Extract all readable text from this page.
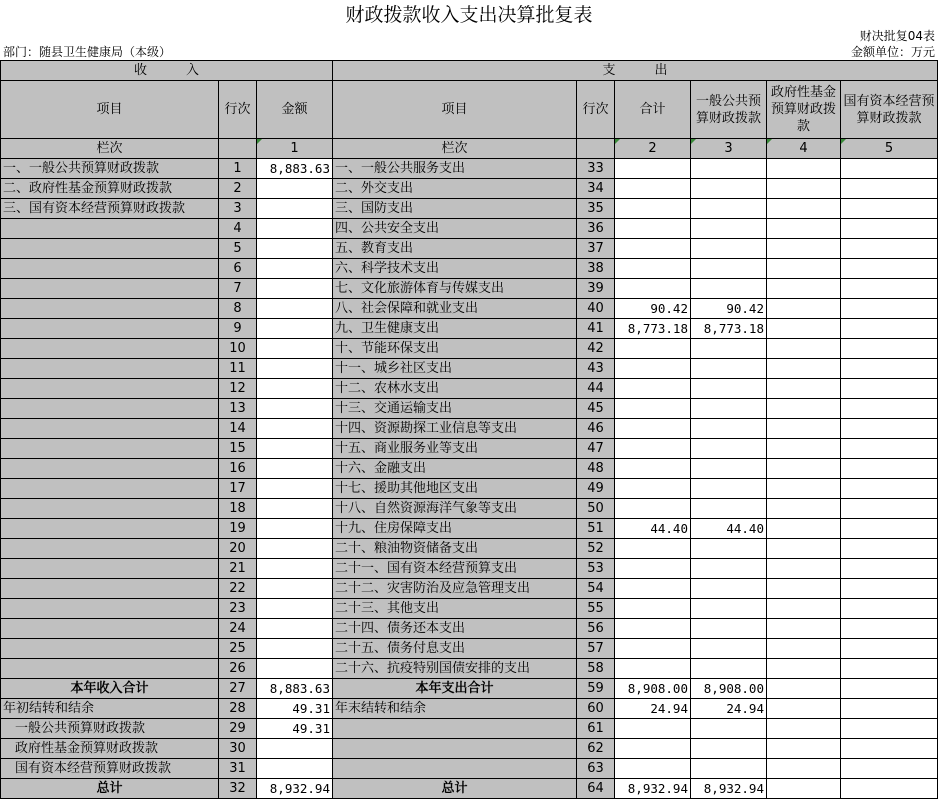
财政拨款收入支出决算批复表
财决批复04表
部门：随县卫生健康局（本级）	金额单位：万元
收　　　入			支　　　出					
项目	行次	金额	项目	行次	合计	一般公共预算财政拨款	政府性基金预算财政拨款	国有资本经营预算财政拨款
栏次		1	栏次		2	3	4	5
一、一般公共预算财政拨款	1	8,883.63	一、一般公共服务支出	33				
二、政府性基金预算财政拨款	2		二、外交支出	34				
三、国有资本经营预算财政拨款	3		三、国防支出	35				
	4		四、公共安全支出	36				
	5		五、教育支出	37				
	6		六、科学技术支出	38				
	7		七、文化旅游体育与传媒支出	39				
	8		八、社会保障和就业支出	40	90.42	90.42		
	9		九、卫生健康支出	41	8,773.18	8,773.18		
	10		十、节能环保支出	42				
	11		十一、城乡社区支出	43				
	12		十二、农林水支出	44				
	13		十三、交通运输支出	45				
	14		十四、资源勘探工业信息等支出	46				
	15		十五、商业服务业等支出	47				
	16		十六、金融支出	48				
	17		十七、援助其他地区支出	49				
	18		十八、自然资源海洋气象等支出	50				
	19		十九、住房保障支出	51	44.40	44.40		
	20		二十、粮油物资储备支出	52				
	21		二十一、国有资本经营预算支出	53				
	22		二十二、灾害防治及应急管理支出	54				
	23		二十三、其他支出	55				
	24		二十四、债务还本支出	56				
	25		二十五、债务付息支出	57				
	26		二十六、抗疫特别国债安排的支出	58				
本年收入合计	27	8,883.63	本年支出合计	59	8,908.00	8,908.00		
年初结转和结余	28	49.31	年末结转和结余	60	24.94	24.94		
一般公共预算财政拨款	29	49.31		61				
政府性基金预算财政拨款	30			62				
国有资本经营预算财政拨款	31			63				
总计	32	8,932.94	总计	64	8,932.94	8,932.94		
